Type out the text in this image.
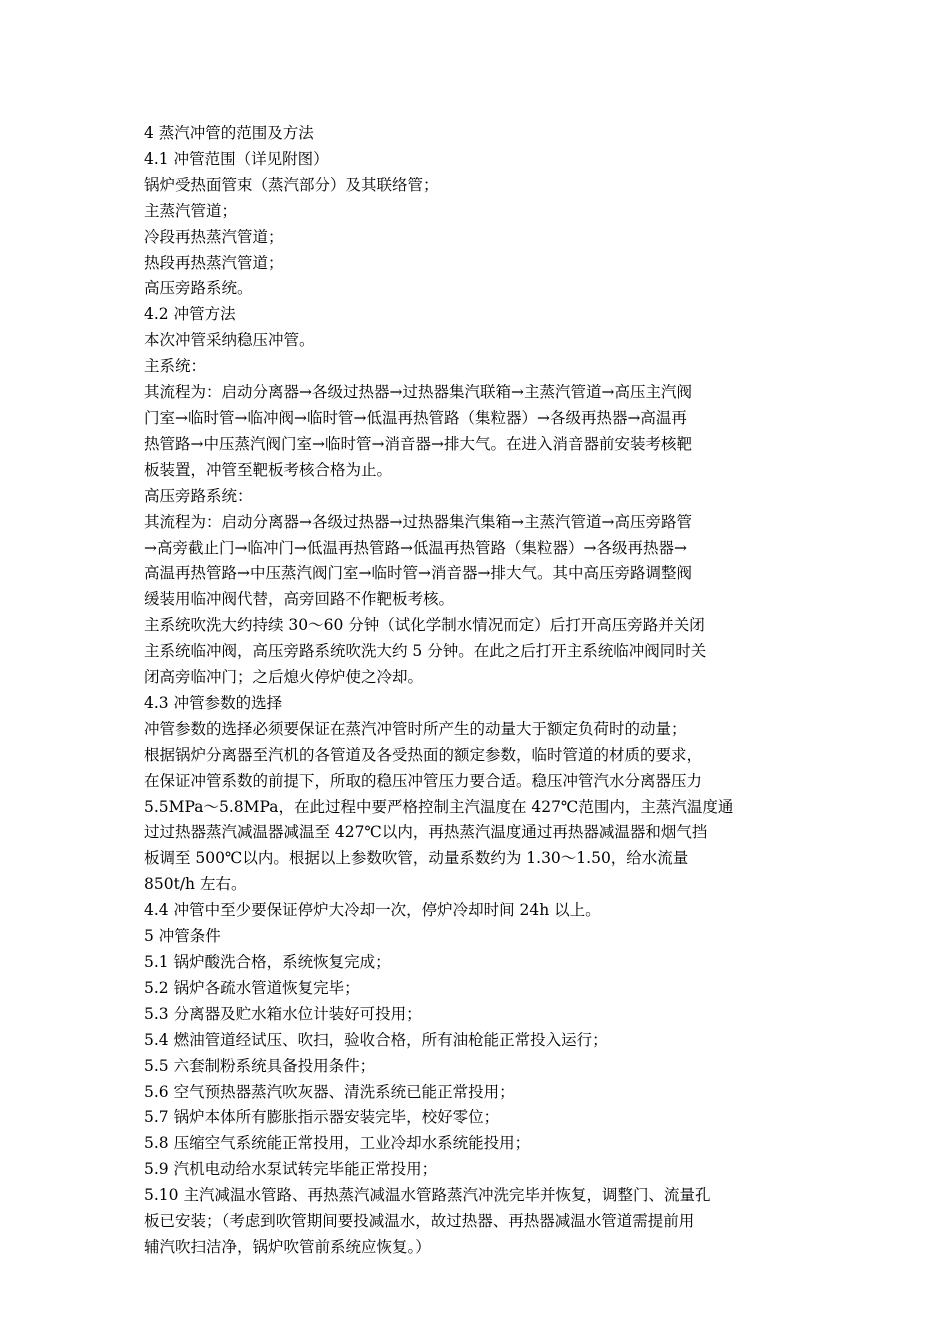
4 蒸汽冲管的范围及方法
4.1 冲管范围（详见附图）
锅炉受热面管束（蒸汽部分）及其联络管；
主蒸汽管道；
冷段再热蒸汽管道；
热段再热蒸汽管道；
高压旁路系统。
4.2 冲管方法
本次冲管采纳稳压冲管。
主系统：
其流程为：启动分离器→各级过热器→过热器集汽联箱→主蒸汽管道→高压主汽阀
门室→临时管→临冲阀→临时管→低温再热管路（集粒器）→各级再热器→高温再
热管路→中压蒸汽阀门室→临时管→消音器→排大气。在进入消音器前安装考核靶
板装置，冲管至靶板考核合格为止。
高压旁路系统：
其流程为：启动分离器→各级过热器→过热器集汽集箱→主蒸汽管道→高压旁路管
→高旁截止门→临冲门→低温再热管路→低温再热管路（集粒器）→各级再热器→
高温再热管路→中压蒸汽阀门室→临时管→消音器→排大气。其中高压旁路调整阀
缓装用临冲阀代替，高旁回路不作靶板考核。
主系统吹洗大约持续 30～60 分钟（试化学制水情况而定）后打开高压旁路并关闭
主系统临冲阀，高压旁路系统吹洗大约 5 分钟。在此之后打开主系统临冲阀同时关
闭高旁临冲门；之后熄火停炉使之冷却。
4.3 冲管参数的选择
冲管参数的选择必须要保证在蒸汽冲管时所产生的动量大于额定负荷时的动量；
根据锅炉分离器至汽机的各管道及各受热面的额定参数，临时管道的材质的要求，
在保证冲管系数的前提下，所取的稳压冲管压力要合适。稳压冲管汽水分离器压力
5.5MPa～5.8MPa，在此过程中要严格控制主汽温度在 427℃范围内，主蒸汽温度通
过过热器蒸汽减温器减温至 427℃以内，再热蒸汽温度通过再热器减温器和烟气挡
板调至 500℃以内。根据以上参数吹管，动量系数约为 1.30～1.50，给水流量
850t/h 左右。
4.4 冲管中至少要保证停炉大冷却一次，停炉冷却时间 24h 以上。
5 冲管条件
5.1 锅炉酸洗合格，系统恢复完成；
5.2 锅炉各疏水管道恢复完毕；
5.3 分离器及贮水箱水位计装好可投用；
5.4 燃油管道经试压、吹扫，验收合格，所有油枪能正常投入运行；
5.5 六套制粉系统具备投用条件；
5.6 空气预热器蒸汽吹灰器、清洗系统已能正常投用；
5.7 锅炉本体所有膨胀指示器安装完毕，校好零位；
5.8 压缩空气系统能正常投用，工业冷却水系统能投用；
5.9 汽机电动给水泵试转完毕能正常投用；
5.10 主汽减温水管路、再热蒸汽减温水管路蒸汽冲洗完毕并恢复，调整门、流量孔
板已安装；（考虑到吹管期间要投减温水，故过热器、再热器减温水管道需提前用
辅汽吹扫洁净，锅炉吹管前系统应恢复。）
